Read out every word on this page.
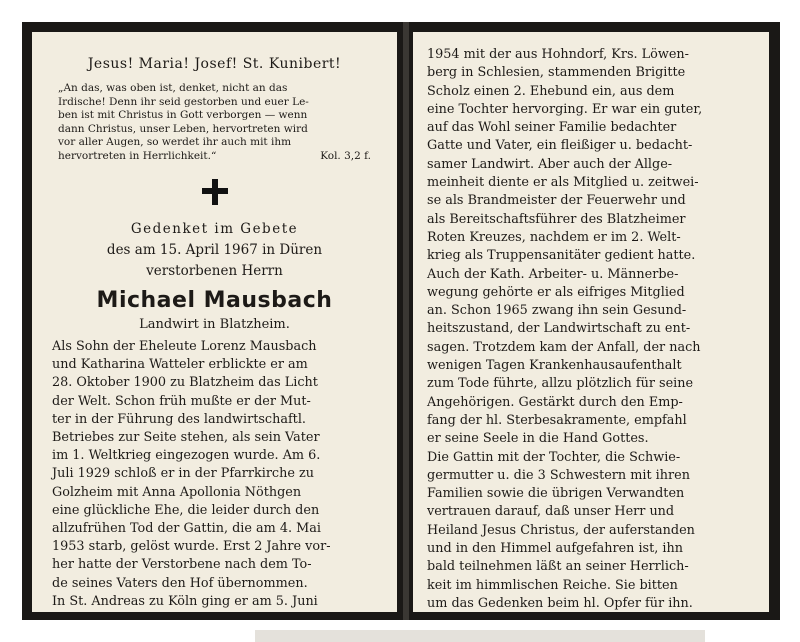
Jesus! Maria! Josef! St. Kunibert!
„An das, was oben ist, denket, nicht an das
Irdische! Denn ihr seid gestorben und euer Le-
ben ist mit Christus in Gott verborgen — wenn
dann Christus, unser Leben, hervortreten wird
vor aller Augen, so werdet ihr auch mit ihm
hervortreten in Herrlichkeit.“	Kol. 3,2 f.
Gedenket im Gebete
des am 15. April 1967 in Düren
verstorbenen Herrn
Michael Mausbach
Landwirt in Blatzheim.
Als Sohn der Eheleute Lorenz Mausbach
und Katharina Watteler erblickte er am
28. Oktober 1900 zu Blatzheim das Licht
der Welt. Schon früh mußte er der Mut-
ter in der Führung des landwirtschaftl.
Betriebes zur Seite stehen, als sein Vater
im 1. Weltkrieg eingezogen wurde. Am 6.
Juli 1929 schloß er in der Pfarrkirche zu
Golzheim mit Anna Apollonia Nöthgen
eine glückliche Ehe, die leider durch den
allzufrühen Tod der Gattin, die am 4. Mai
1953 starb, gelöst wurde. Erst 2 Jahre vor-
her hatte der Verstorbene nach dem To-
de seines Vaters den Hof übernommen.
In St. Andreas zu Köln ging er am 5. Juni
1954 mit der aus Hohndorf, Krs. Löwen-
berg in Schlesien, stammenden Brigitte
Scholz einen 2. Ehebund ein, aus dem
eine Tochter hervorging. Er war ein guter,
auf das Wohl seiner Familie bedachter
Gatte und Vater, ein fleißiger u. bedacht-
samer Landwirt. Aber auch der Allge-
meinheit diente er als Mitglied u. zeitwei-
se als Brandmeister der Feuerwehr und
als Bereitschaftsführer des Blatzheimer
Roten Kreuzes, nachdem er im 2. Welt-
krieg als Truppensanitäter gedient hatte.
Auch der Kath. Arbeiter- u. Männerbe-
wegung gehörte er als eifriges Mitglied
an. Schon 1965 zwang ihn sein Gesund-
heitszustand, der Landwirtschaft zu ent-
sagen. Trotzdem kam der Anfall, der nach
wenigen Tagen Krankenhausaufenthalt
zum Tode führte, allzu plötzlich für seine
Angehörigen. Gestärkt durch den Emp-
fang der hl. Sterbesakramente, empfahl
er seine Seele in die Hand Gottes.
Die Gattin mit der Tochter, die Schwie-
germutter u. die 3 Schwestern mit ihren
Familien sowie die übrigen Verwandten
vertrauen darauf, daß unser Herr und
Heiland Jesus Christus, der auferstanden
und in den Himmel aufgefahren ist, ihn
bald teilnehmen läßt an seiner Herrlich-
keit im himmlischen Reiche. Sie bitten
um das Gedenken beim hl. Opfer für ihn.
